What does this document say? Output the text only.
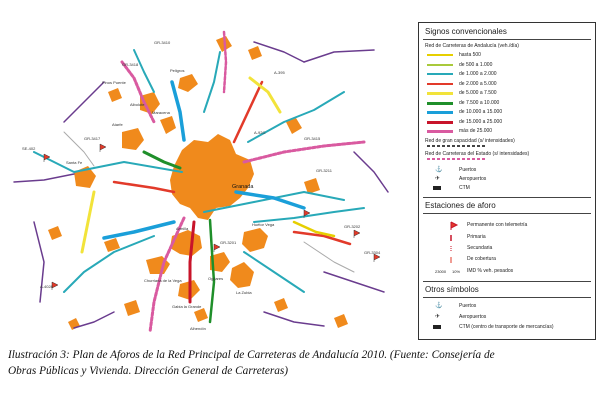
Granada
Albolote
Peligros
Maracena
Atarfe
Santa Fe
Armilla
Huétor Vega
La Zubia
Ogíjares
Churriana de la Vega
Gabia la Grande
Alhendín
Pinos Puente
SE-402
GR-3417
GR-3418
GR-3410
A-92G
GR-3211
GR-3202
GR-3304
A-4028
GR-3201
A-395
GR-3415
Signos convencionales
Red de Carreteras de Andalucía (veh./día)
hasta 500
de 500 a 1.000
de 1.000 a 2.000
de 2.000 a 5.000
de 5.000 a 7.500
de 7.500 a 10.000
de 10.000 a 15.000
de 15.000 a 25.000
más de 25.000
Red de gran capacidad (s/ intensidades)
Red de Carreteras del Estado (s/ intensidades)
Puertos
⚓
Aeropuertos
✈
CTM
Estaciones de aforo
Permanente con telemetría
Primaria
Secundaria
De cobertura
23000 10% IMD % veh. pesados
Otros símbolos
⚓	Puertos
✈	Aeropuertos
CTM (centro de transporte de mercancías)
Ilustración 3: Plan de Aforos de la Red Principal de Carreteras de Andalucía 2010. (Fuente: Consejería de
Obras Públicas y Vivienda. Dirección General de Carreteras)
